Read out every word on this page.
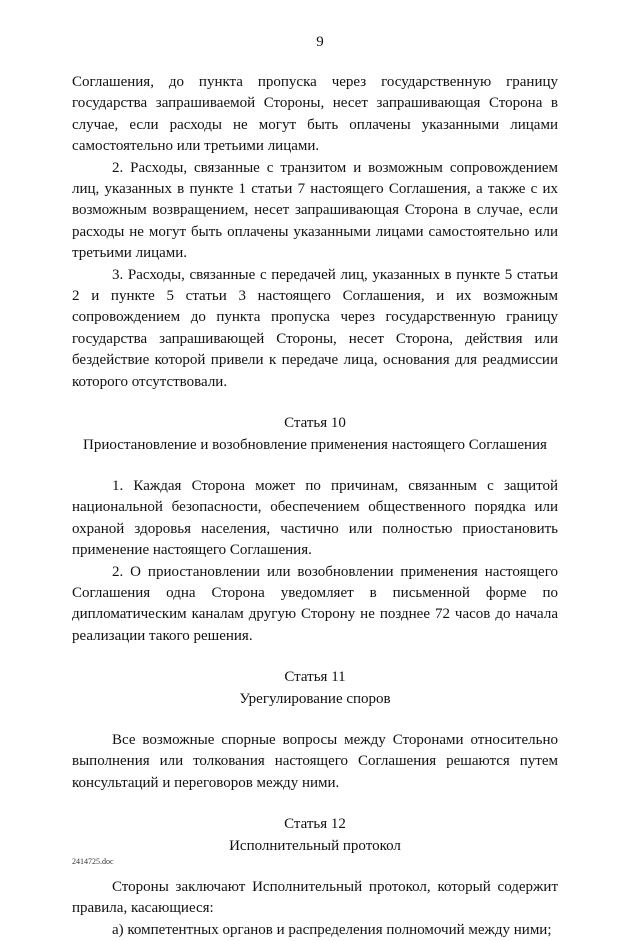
9

Соглашения, до пункта пропуска через государственную границу государства запрашиваемой Стороны, несет запрашивающая Сторона в случае, если расходы не могут быть оплачены указанными лицами самостоятельно или третьими лицами.

2. Расходы, связанные с транзитом и возможным сопровождением лиц, указанных в пункте 1 статьи 7 настоящего Соглашения, а также с их возможным возвращением, несет запрашивающая Сторона в случае, если расходы не могут быть оплачены указанными лицами самостоятельно или третьими лицами.

3. Расходы, связанные с передачей лиц, указанных в пункте 5 статьи 2 и пункте 5 статьи 3 настоящего Соглашения, и их возможным сопровождением до пункта пропуска через государственную границу государства запрашивающей Стороны, несет Сторона, действия или бездействие которой привели к передаче лица, основания для реадмиссии которого отсутствовали.

Статья 10

Приостановление и возобновление применения настоящего Соглашения

1. Каждая Сторона может по причинам, связанным с защитой национальной безопасности, обеспечением общественного порядка или охраной здоровья населения, частично или полностью приостановить применение настоящего Соглашения.

2. О приостановлении или возобновлении применения настоящего Соглашения одна Сторона уведомляет в письменной форме по дипломатическим каналам другую Сторону не позднее 72 часов до начала реализации такого решения.

Статья 11

Урегулирование споров

Все возможные спорные вопросы между Сторонами относительно выполнения или толкования настоящего Соглашения решаются путем консультаций и переговоров между ними.

Статья 12

Исполнительный протокол

Стороны заключают Исполнительный протокол, который содержит правила, касающиеся:

а) компетентных органов и распределения полномочий между ними;

2414725.doc
